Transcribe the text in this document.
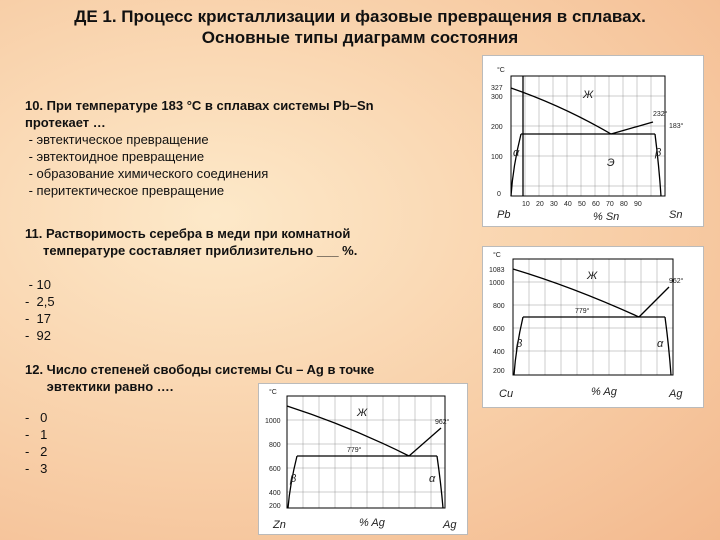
ДЕ 1. Процесс кристаллизации и фазовые превращения в сплавах.
Основные типы диаграмм состояния
10. При температуре 183 °С в сплавах системы Pb–Sn
протекает …
- эвтектическое превращение
- эвтектоидное превращение
- образование химического соединения
- перитектическое превращение
11. Растворимость серебра в меди при комнатной
температуре составляет приблизительно ___ %.
- 10
-  2,5
-  17
-  92
12. Число степеней свободы системы Cu – Ag в точке
эвтектики равно ….
-   0
-   1
-   2
-   3
°C
327
300
200
100
0
10 20 30 40 50 60 70 80 90
Pb	Sn
% Sn
Ж
183°
232°
α	β
Э
°C
1083
1000
800
600
400
200
Cu	Ag
% Ag
Ж
779°
962°
β	α
°C
1000
800
600
400
200
Zn	Ag
% Ag
Ж
779°
962°
β	α
